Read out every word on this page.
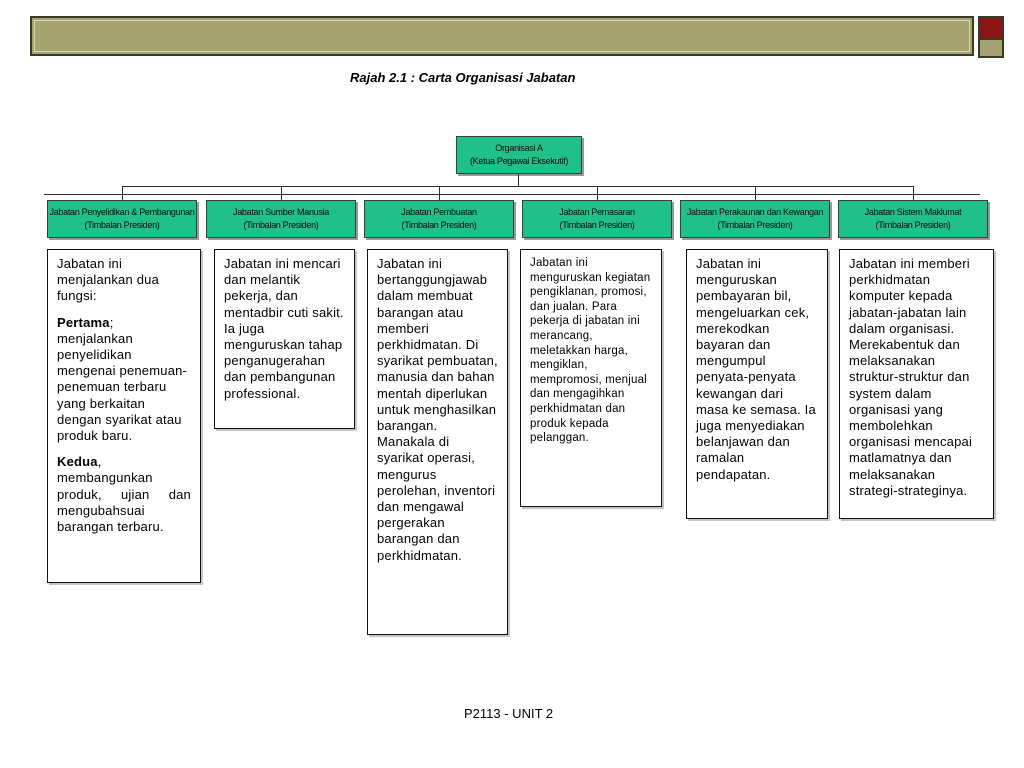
Rajah 2.1 : Carta Organisasi Jabatan
Organisasi A
(Ketua Pegawai Eksekutif)
Jabatan Penyelidikan & Pembangunan
(Timbalan Presiden)
Jabatan Sumber Manusia
(Timbalan Presiden)
Jabatan Pembuatan
(Timbalan Presiden)
Jabatan Pemasaran
(Timbalan Presiden)
Jabatan Perakaunan dan Kewangan
(Timbalan Presiden)
Jabatan Sistem Maklumat
(Timbalan Presiden)

Jabatan ini menjalankan dua fungsi:

Pertama; menjalankan penyelidikan mengenai penemuan-penemuan terbaru yang berkaitan dengan syarikat atau produk baru.

Kedua, membangunkan produk, ujian dan mengubahsuai barangan terbaru.

Jabatan ini mencari dan melantik pekerja, dan mentadbir cuti sakit. Ia juga menguruskan tahap penganugerahan dan pembangunan professional.

Jabatan ini bertanggungjawab dalam membuat barangan atau memberi perkhidmatan. Di syarikat pembuatan, manusia dan bahan mentah diperlukan untuk menghasilkan barangan. Manakala di syarikat operasi, mengurus perolehan, inventori dan mengawal pergerakan barangan dan perkhidmatan.

Jabatan ini menguruskan kegiatan pengiklanan, promosi, dan jualan. Para pekerja di jabatan ini merancang, meletakkan harga, mengiklan, mempromosi, menjual dan mengagihkan perkhidmatan dan produk kepada pelanggan.

Jabatan ini menguruskan pembayaran bil, mengeluarkan cek, merekodkan bayaran dan mengumpul penyata-penyata kewangan dari masa ke semasa. Ia juga menyediakan belanjawan dan ramalan pendapatan.

Jabatan ini memberi perkhidmatan komputer kepada jabatan-jabatan lain dalam organisasi. Merekabentuk dan melaksanakan struktur-struktur dan system dalam organisasi yang membolehkan organisasi mencapai matlamatnya dan melaksanakan strategi-strateginya.

P2113 - UNIT 2
